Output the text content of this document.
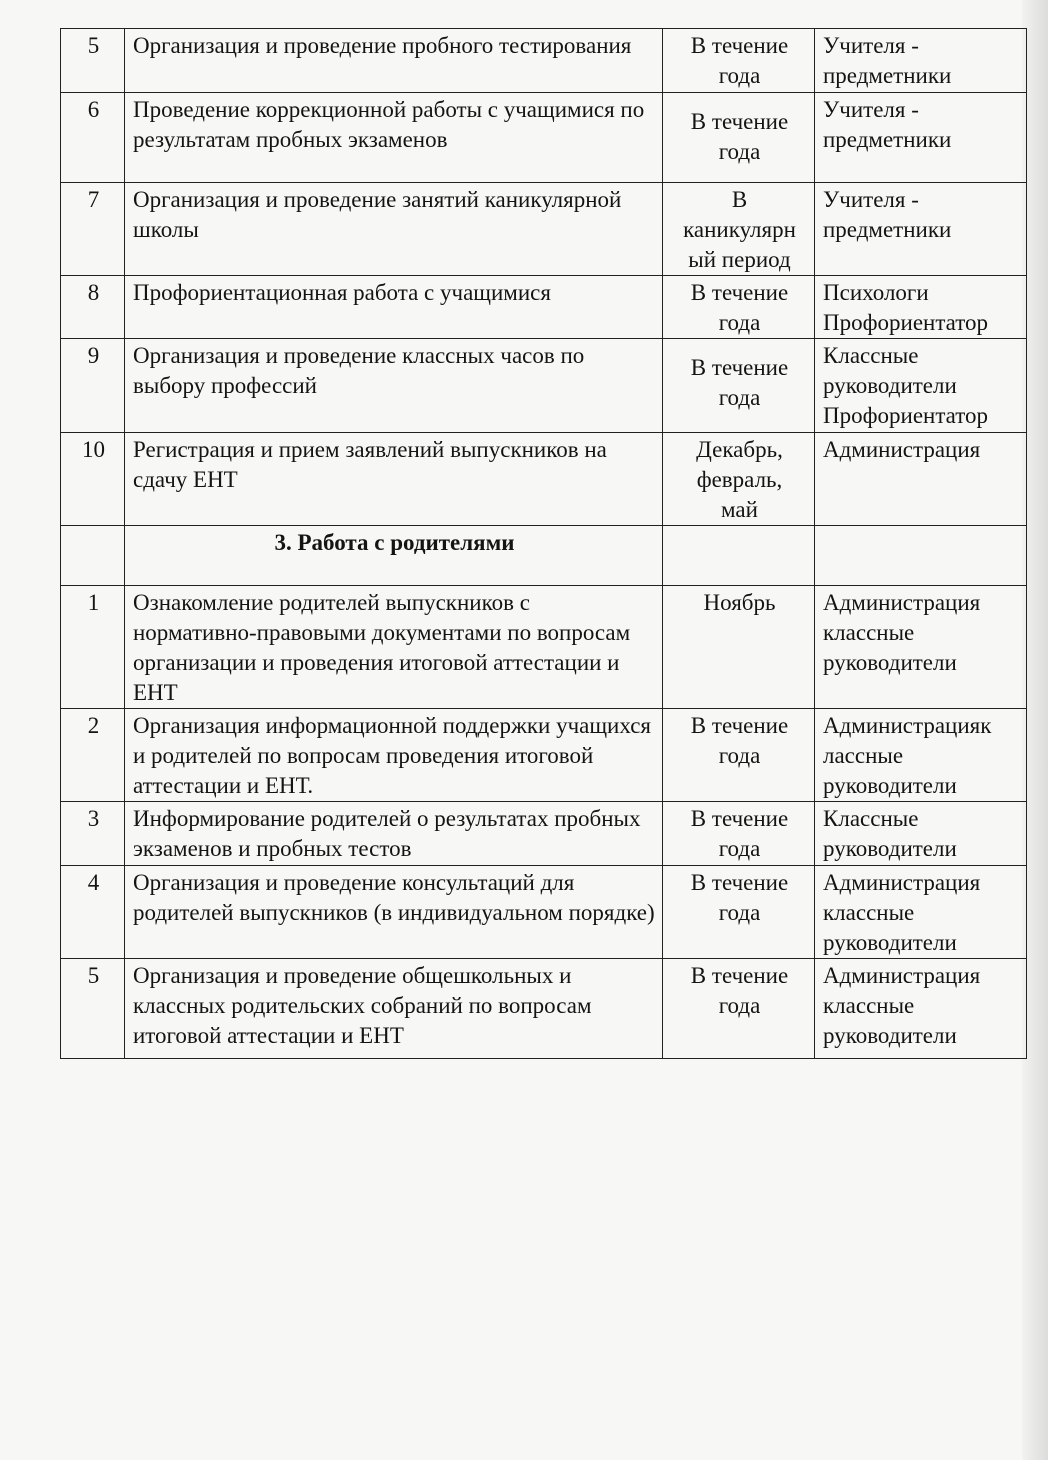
5	Организация и проведение пробного тестирования	В течение
года	Учителя -
предметники
6	Проведение коррекционной работы с учащимися по результатам пробных экзаменов	В течение
года	Учителя -
предметники
7	Организация и проведение занятий каникулярной школы	В
каникулярн
ый период	Учителя -
предметники
8	Профориентационная работа с учащимися	В течение
года	Психологи
Профориентатор
9	Организация и проведение классных часов по выбору профессий	В течение
года	Классные
руководители
Профориентатор
10	Регистрация и прием заявлений выпускников на сдачу ЕНТ	Декабрь,
февраль,
май	Администрация
	3. Работа с родителями		
1	Ознакомление родителей выпускников с нормативно-правовыми документами по вопросам организации и проведения итоговой аттестации и ЕНТ	Ноябрь	Администрация
классные
руководители
2	Организация информационной поддержки учащихся и родителей по вопросам проведения итоговой аттестации и ЕНТ.	В течение
года	Администрацияк
лассные
руководители
3	Информирование родителей о результатах пробных экзаменов и пробных тестов	В течение
года	Классные
руководители
4	Организация и проведение консультаций для родителей выпускников (в индивидуальном порядке)	В течение
года	Администрация
классные
руководители
5	Организация и проведение общешкольных и классных родительских собраний по вопросам итоговой аттестации и ЕНТ	В течение
года	Администрация
классные
руководители
